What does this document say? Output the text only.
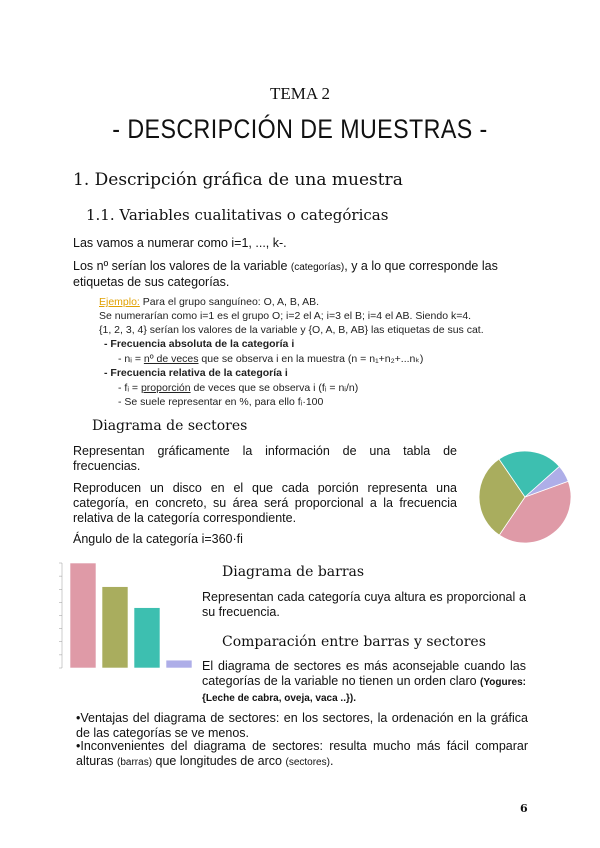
TEMA 2
- DESCRIPCIÓN DE MUESTRAS -
1. Descripción gráfica de una muestra
1.1. Variables cualitativas o categóricas
Las vamos a numerar como i=1, ..., k-.
Los nº serían los valores de la variable (categorías), y a lo que corresponde las
etiquetas de sus categorías.
Ejemplo: Para el grupo sanguíneo: O, A, B, AB.
Se numerarían como i=1 es el grupo O; i=2 el A; i=3 el B; i=4 el AB. Siendo k=4.
{1, 2, 3, 4} serían los valores de la variable y {O, A, B, AB} las etiquetas de sus cat.
- Frecuencia absoluta de la categoría i
- nᵢ = nº de veces que se observa i en la muestra (n = n₁+n₂+...nₖ)
- Frecuencia relativa de la categoría i
- fᵢ = proporción de veces que se observa i (fᵢ = nᵢ/n)
- Se suele representar en %, para ello fᵢ·100
Diagrama de sectores
Representan gráficamente la información de una tabla de frecuencias.
Reproducen un disco en el que cada porción representa una categoría, en concreto, su área será proporcional a la frecuencia relativa de la categoría correspondiente.
Ángulo de la categoría i=360·fi
Diagrama de barras
Representan cada categoría cuya altura es proporcional a su frecuencia.
Comparación entre barras y sectores
El diagrama de sectores es más aconsejable cuando las categorías de la variable no tienen un orden claro (Yogures: {Leche de cabra, oveja, vaca ..}).
•Ventajas del diagrama de sectores: en los sectores, la ordenación en la gráfica de las categorías se ve menos.
•Inconvenientes del diagrama de sectores: resulta mucho más fácil comparar alturas (barras) que longitudes de arco (sectores).
6
